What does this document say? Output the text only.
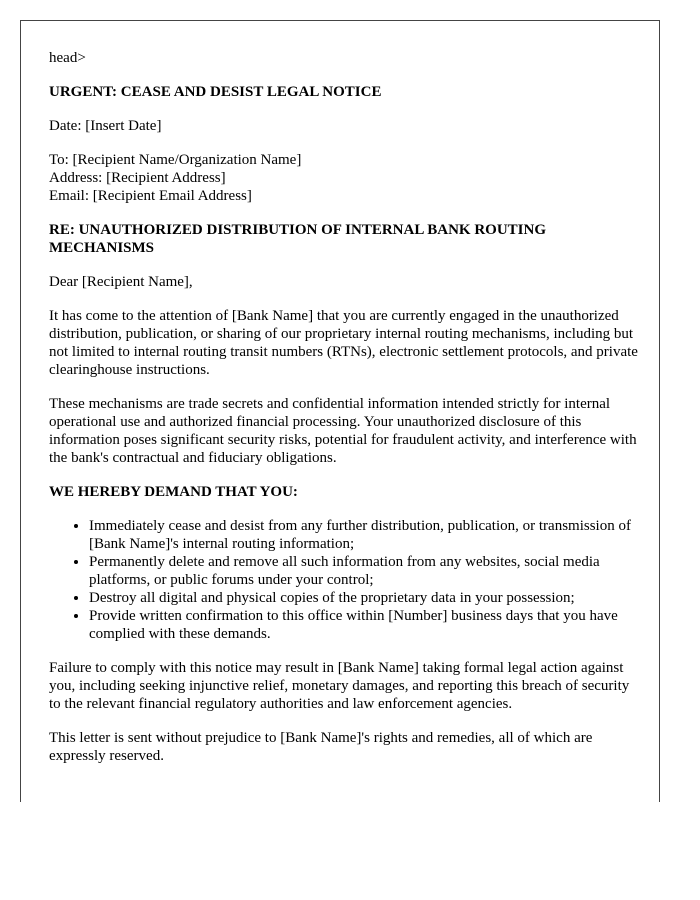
head>

URGENT: CEASE AND DESIST LEGAL NOTICE

Date: [Insert Date]

To: [Recipient Name/Organization Name]
Address: [Recipient Address]
Email: [Recipient Email Address]

RE: UNAUTHORIZED DISTRIBUTION OF INTERNAL BANK ROUTING MECHANISMS

Dear [Recipient Name],

It has come to the attention of [Bank Name] that you are currently engaged in the unauthorized distribution, publication, or sharing of our proprietary internal routing mechanisms, including but not limited to internal routing transit numbers (RTNs), electronic settlement protocols, and private clearinghouse instructions.

These mechanisms are trade secrets and confidential information intended strictly for internal operational use and authorized financial processing. Your unauthorized disclosure of this information poses significant security risks, potential for fraudulent activity, and interference with the bank's contractual and fiduciary obligations.

WE HEREBY DEMAND THAT YOU:

• Immediately cease and desist from any further distribution, publication, or transmission of [Bank Name]'s internal routing information;
• Permanently delete and remove all such information from any websites, social media platforms, or public forums under your control;
• Destroy all digital and physical copies of the proprietary data in your possession;
• Provide written confirmation to this office within [Number] business days that you have complied with these demands.

Failure to comply with this notice may result in [Bank Name] taking formal legal action against you, including seeking injunctive relief, monetary damages, and reporting this breach of security to the relevant financial regulatory authorities and law enforcement agencies.

This letter is sent without prejudice to [Bank Name]'s rights and remedies, all of which are expressly reserved.
